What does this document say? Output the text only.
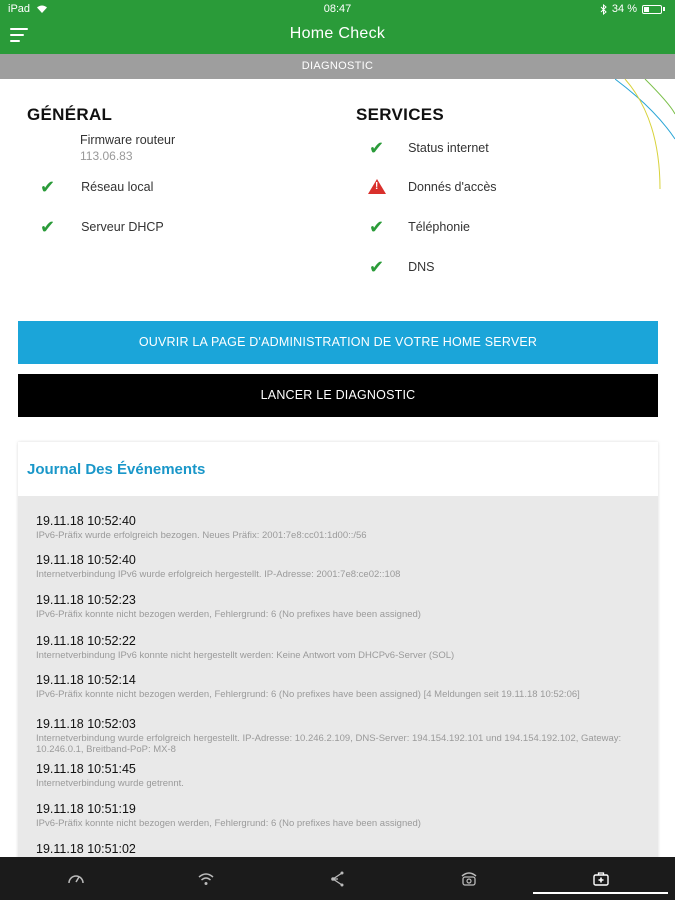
iPad	08:47	34 %
Home Check
DIAGNOSTIC
GÉNÉRAL
Firmware routeur
113.06.83
✔ Réseau local
✔ Serveur DHCP
SERVICES
✔ Status internet
!
Donnés d'accès
✔ Téléphonie
✔ DNS
OUVRIR LA PAGE D'ADMINISTRATION DE VOTRE HOME SERVER
LANCER LE DIAGNOSTIC
Journal Des Événements
19.11.18 10:52:40
IPv6-Präfix wurde erfolgreich bezogen. Neues Präfix: 2001:7e8:cc01:1d00::/56
19.11.18 10:52:40
Internetverbindung IPv6 wurde erfolgreich hergestellt. IP-Adresse: 2001:7e8:ce02::108
19.11.18 10:52:23
IPv6-Präfix konnte nicht bezogen werden, Fehlergrund: 6 (No prefixes have been assigned)
19.11.18 10:52:22
Internetverbindung IPv6 konnte nicht hergestellt werden: Keine Antwort vom DHCPv6-Server (SOL)
19.11.18 10:52:14
IPv6-Präfix konnte nicht bezogen werden, Fehlergrund: 6 (No prefixes have been assigned) [4 Meldungen seit 19.11.18 10:52:06]
19.11.18 10:52:03
Internetverbindung wurde erfolgreich hergestellt. IP-Adresse: 10.246.2.109, DNS-Server: 194.154.192.101 und 194.154.192.102, Gateway: 10.246.0.1, Breitband-PoP: MX-8
19.11.18 10:51:45
Internetverbindung wurde getrennt.
19.11.18 10:51:19
IPv6-Präfix konnte nicht bezogen werden, Fehlergrund: 6 (No prefixes have been assigned)
19.11.18 10:51:02
